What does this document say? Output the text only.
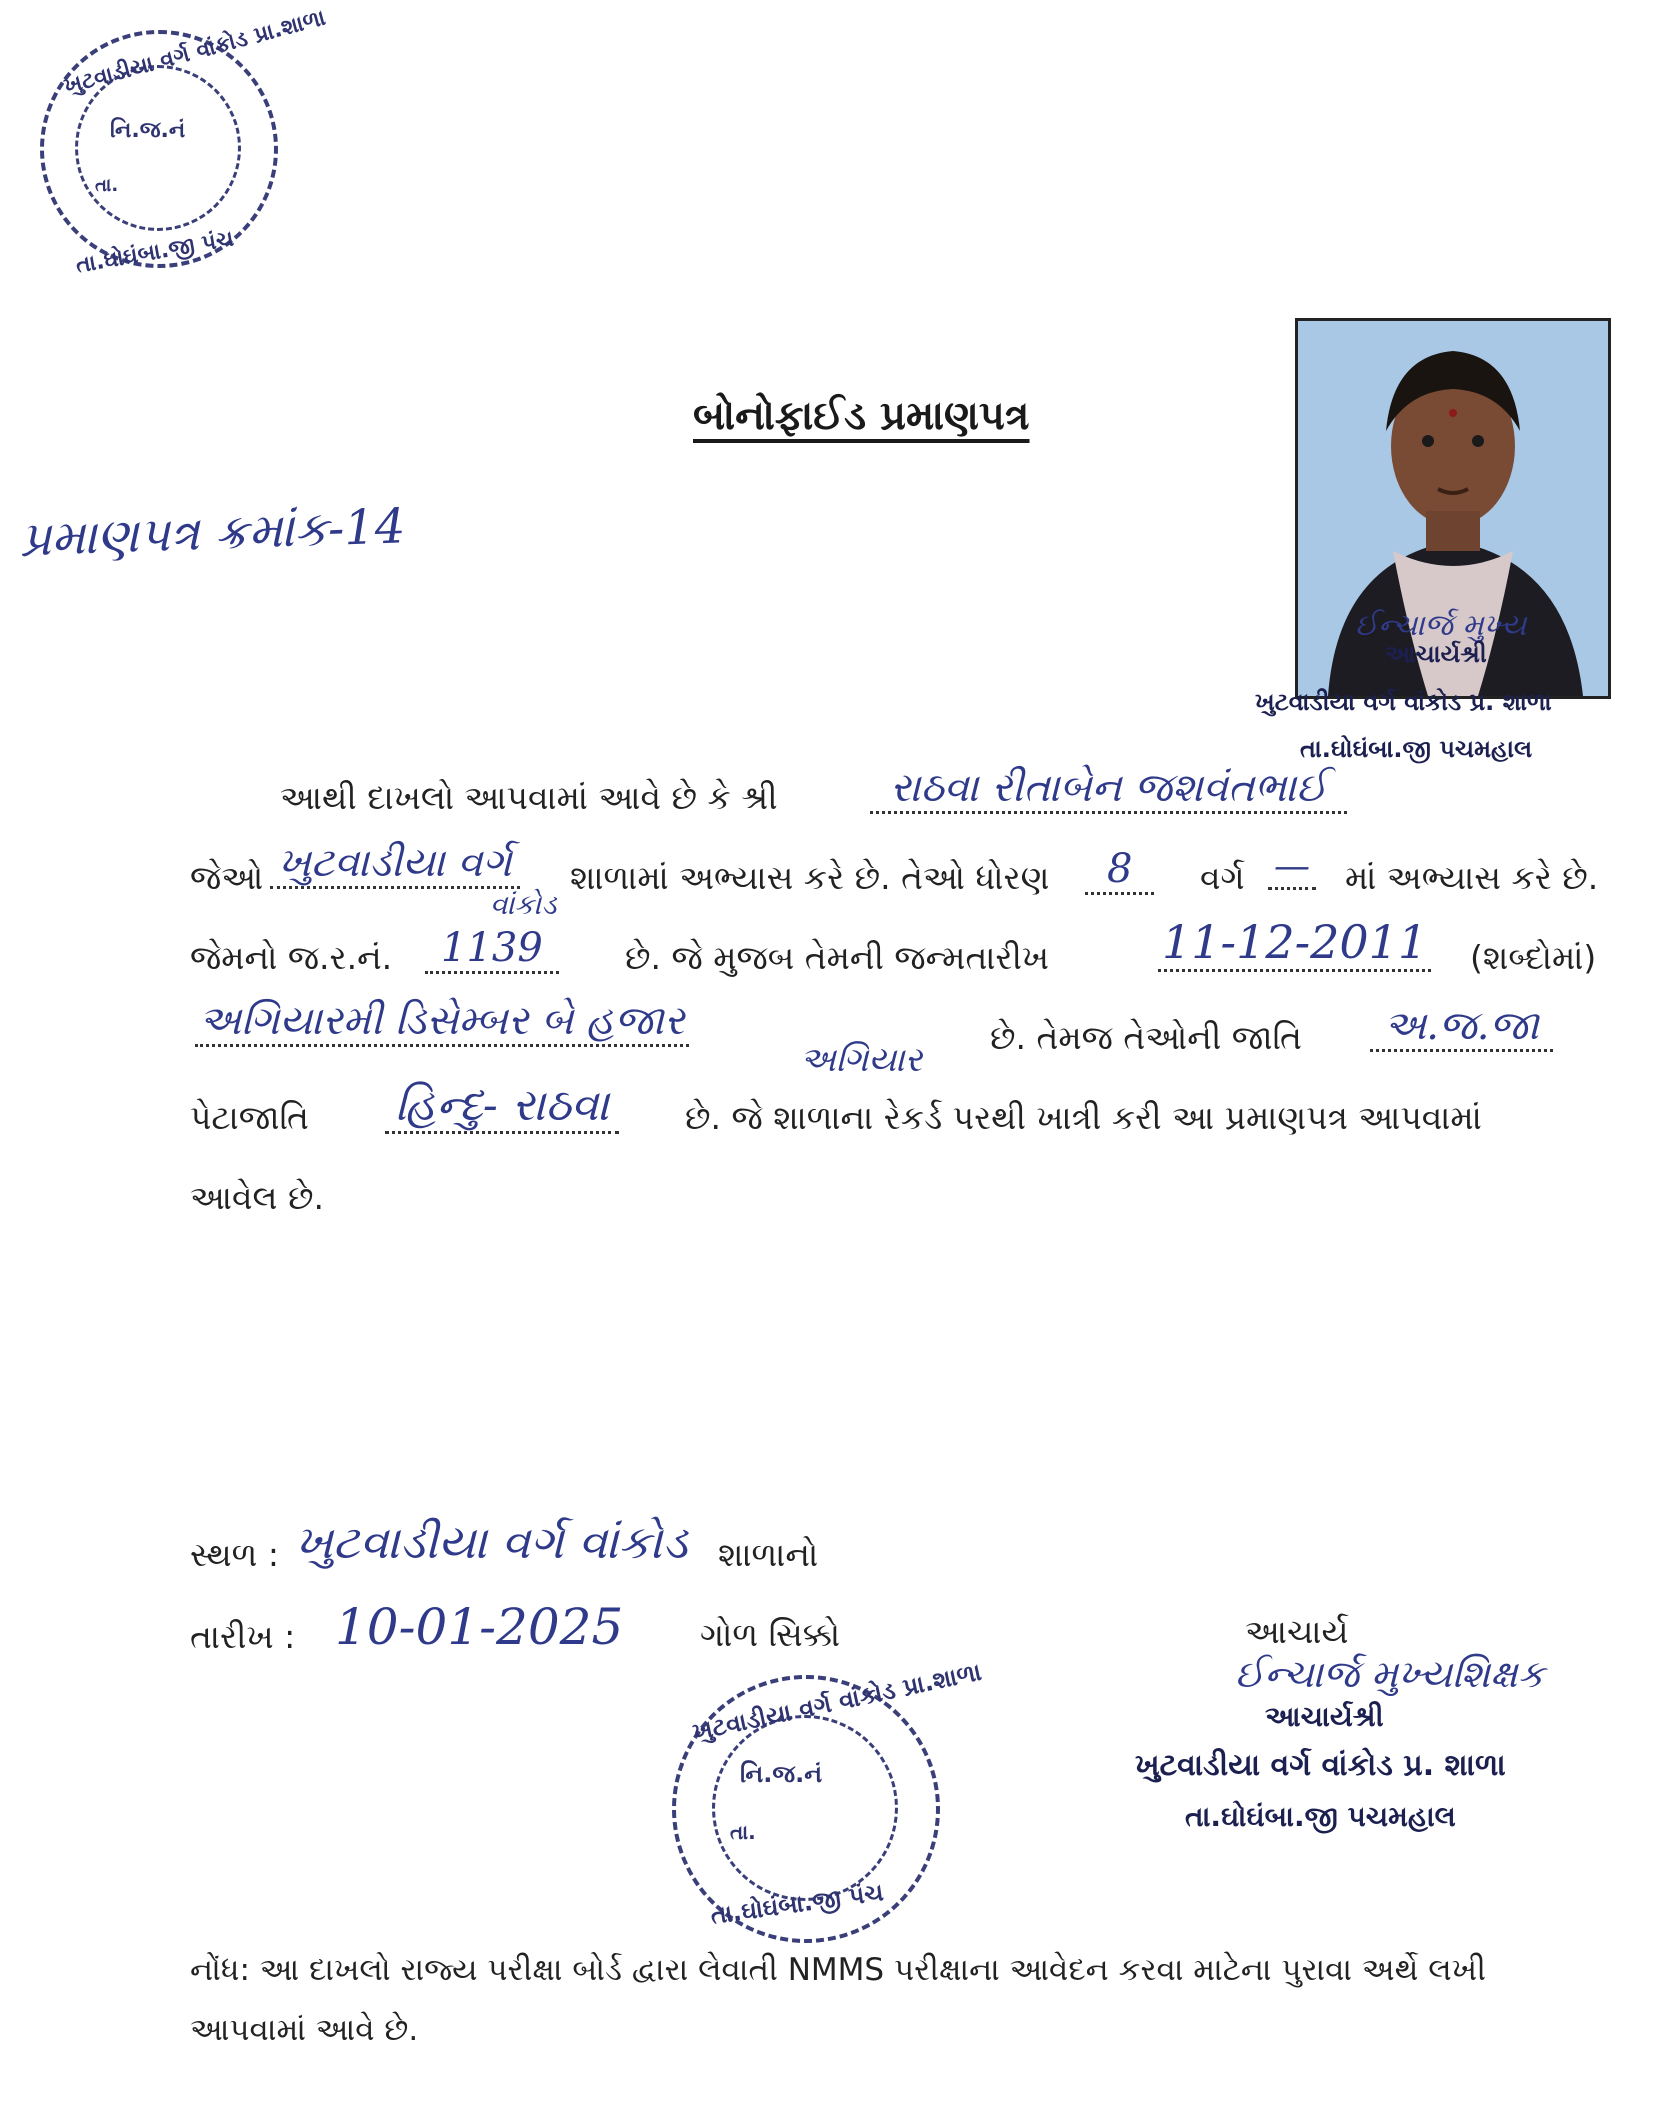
ખુટવાડીયા વર્ગ વાંકોડ પ્રા.શાળા
તા.ઘોઘંબા.જી પંચ
નિ.જ.નં
તા.
બોનોફાઈડ પ્રમાણપત્ર
પ્રમાણપત્ર ક્રમાંક-14
ઈન્ચાર્જ મુખ્ય
આચાર્યશ્રી
ખુટવાડીયા વર્ગ વાંકોડ પ્ર. શાળા
તા.ઘોઘંબા.જી પચમહાલ
આથી દાખલો આપવામાં આવે છે કે શ્રી	રાઠવા રીતાબેન જશવંતભાઈ
જેઓ ખુટવાડીયા વર્ગ
વાંકોડ
શાળામાં અભ્યાસ કરે છે. તેઓ ધોરણ	8	વર્ગ — માં અભ્યાસ કરે છે.
જેમનો જ.ર.નં.	1139	છે. જે મુજબ તેમની જન્મતારીખ 11-12-2011 (શબ્દોમાં)
અગિયારમી ડિસેમ્બર બે હજાર
અગિયાર
છે. તેમજ તેઓની જાતિ	અ.જ.જા
પેટાજાતિ હિન્દુ- રાઠવા	છે. જે શાળાના રેકર્ડ પરથી ખાત્રી કરી આ પ્રમાણપત્ર આપવામાં
આવેલ છે.
સ્થળ : ખુટવાડીયા વર્ગ વાંકોડ શાળાનો
તારીખ : 10-01-2025 ગોળ સિક્કો
ખુટવાડીયા વર્ગ વાંકોડ પ્રા.શાળા
તા.ઘોઘંબા.જી પંચ
નિ.જ.નં
તા.
આચાર્ય
ઈન્ચાર્જ મુખ્યશિક્ષક
આચાર્યશ્રી
ખુટવાડીયા વર્ગ વાંકોડ પ્ર. શાળા
તા.ઘોઘંબા.જી પચમહાલ
નોંધ: આ દાખલો રાજ્ય પરીક્ષા બોર્ડ દ્વારા લેવાતી NMMS પરીક્ષાના આવેદન કરવા માટેના પુરાવા અર્થે લખી
આપવામાં આવે છે.
